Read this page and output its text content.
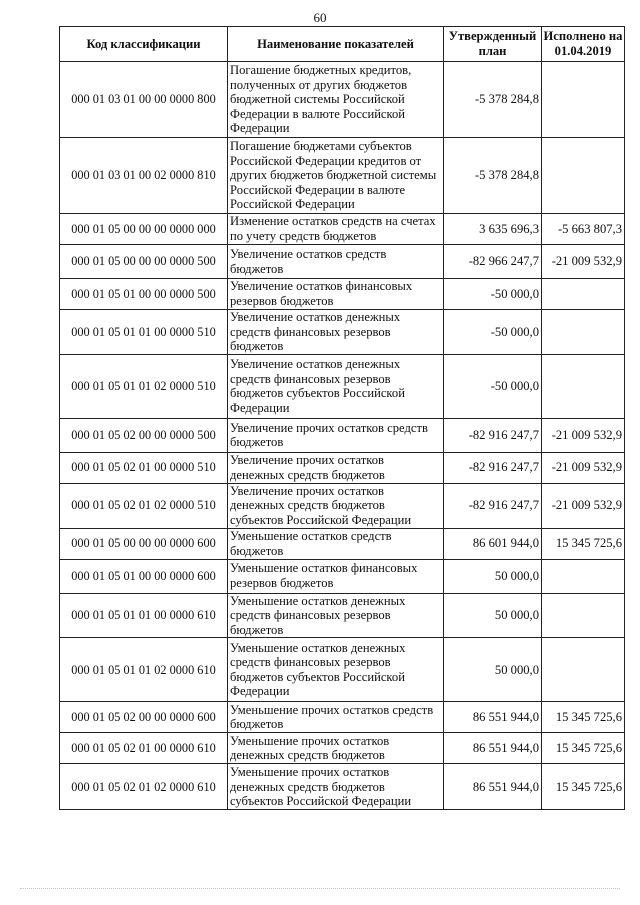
60
Код классификации	Наименование показателей	Утвержденный план	Исполнено на 01.04.2019
000 01 03 01 00 00 0000 800	Погашение бюджетных кредитов, полученных от других бюджетов бюджетной системы Российской Федерации в валюте Российской Федерации	-5 378 284,8	
000 01 03 01 00 02 0000 810	Погашение бюджетами субъектов Российской Федерации кредитов от других бюджетов бюджетной системы Российской Федерации в валюте Российской Федерации	-5 378 284,8	
000 01 05 00 00 00 0000 000	Изменение остатков средств на счетах по учету средств бюджетов	3 635 696,3	-5 663 807,3
000 01 05 00 00 00 0000 500	Увеличение остатков средств бюджетов	-82 966 247,7	-21 009 532,9
000 01 05 01 00 00 0000 500	Увеличение остатков финансовых резервов бюджетов	-50 000,0	
000 01 05 01 01 00 0000 510	Увеличение остатков денежных средств финансовых резервов бюджетов	-50 000,0	
000 01 05 01 01 02 0000 510	Увеличение остатков денежных средств финансовых резервов бюджетов субъектов Российской Федерации	-50 000,0	
000 01 05 02 00 00 0000 500	Увеличение прочих остатков средств бюджетов	-82 916 247,7	-21 009 532,9
000 01 05 02 01 00 0000 510	Увеличение прочих остатков денежных средств бюджетов	-82 916 247,7	-21 009 532,9
000 01 05 02 01 02 0000 510	Увеличение прочих остатков денежных средств бюджетов субъектов Российской Федерации	-82 916 247,7	-21 009 532,9
000 01 05 00 00 00 0000 600	Уменьшение остатков средств бюджетов	86 601 944,0	15 345 725,6
000 01 05 01 00 00 0000 600	Уменьшение остатков финансовых резервов бюджетов	50 000,0	
000 01 05 01 01 00 0000 610	Уменьшение остатков денежных средств финансовых резервов бюджетов	50 000,0	
000 01 05 01 01 02 0000 610	Уменьшение остатков денежных средств финансовых резервов бюджетов субъектов Российской Федерации	50 000,0	
000 01 05 02 00 00 0000 600	Уменьшение прочих остатков средств бюджетов	86 551 944,0	15 345 725,6
000 01 05 02 01 00 0000 610	Уменьшение прочих остатков денежных средств бюджетов	86 551 944,0	15 345 725,6
000 01 05 02 01 02 0000 610	Уменьшение прочих остатков денежных средств бюджетов субъектов Российской Федерации	86 551 944,0	15 345 725,6
